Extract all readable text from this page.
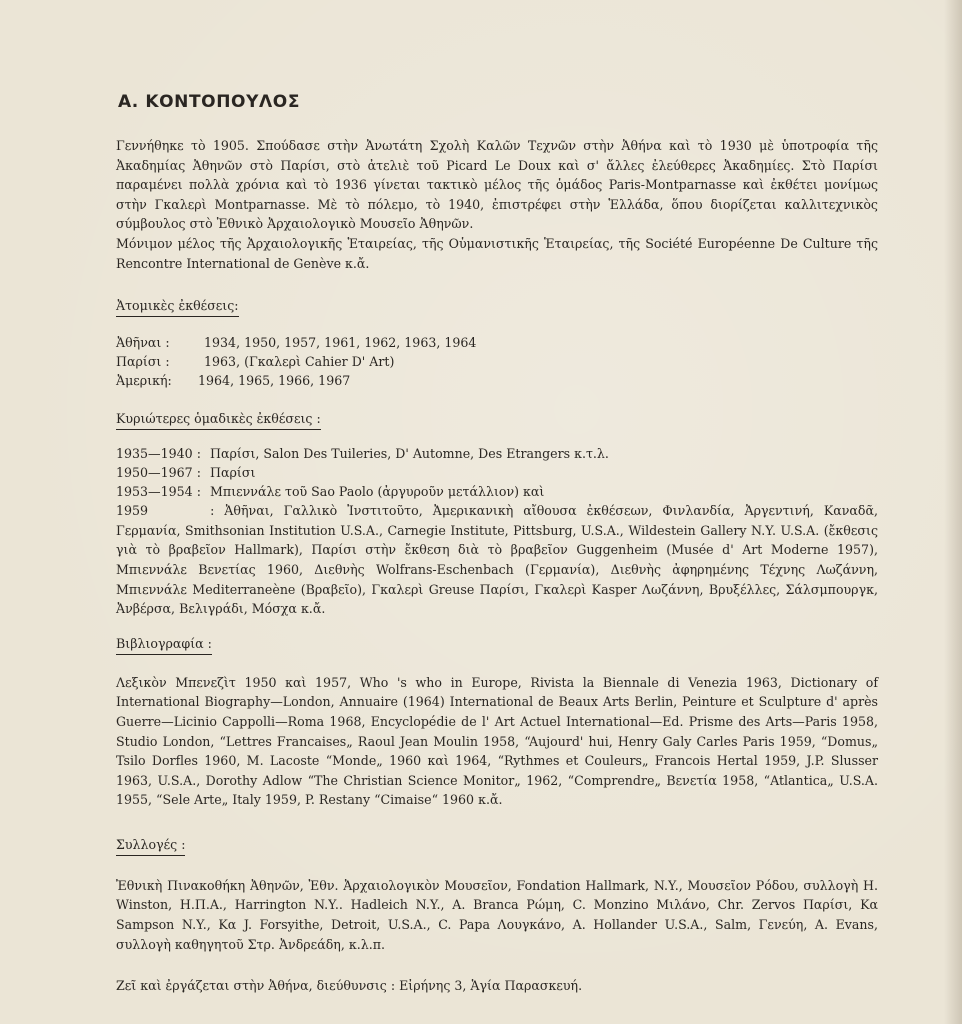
Α. ΚΟΝΤΟΠΟΥΛΟΣ

Γεννήθηκε τὸ 1905. Σπούδασε στὴν Ἀνωτάτη Σχολὴ Καλῶν Τεχνῶν στὴν Ἀθήνα καὶ τὸ 1930 μὲ ὑποτροφία τῆς Ἀκαδημίας Ἀθηνῶν στὸ Παρίσι, στὸ ἀτελιὲ τοῦ Picard Le Doux καὶ σ' ἄλλες ἐλεύθερες Ἀκαδημίες. Στὸ Παρίσι παραμένει πολλὰ χρόνια καὶ τὸ 1936 γίνεται τακτικὸ μέλος τῆς ὁμάδος Paris-Montparnasse καὶ ἐκθέτει μονίμως στὴν Γκαλερὶ Montparnasse. Μὲ τὸ πόλεμο, τὸ 1940, ἐπιστρέφει στὴν Ἑλλάδα, ὅπου διορίζεται καλλιτεχνικὸς σύμβουλος στὸ Ἐθνικὸ Ἀρχαιολογικὸ Μουσεῖο Ἀθηνῶν.

Μόνιμον μέλος τῆς Ἀρχαιολογικῆς Ἑταιρείας, τῆς Οὑμανιστικῆς Ἑταιρείας, τῆς Société Européenne De Culture τῆς Rencontre International de Genève κ.ἄ.

Ἀτομικὲς ἐκθέσεις:

Ἀθῆναι :	1934, 1950, 1957, 1961, 1962, 1963, 1964
Παρίσι :	1963, (Γκαλερὶ Cahier D' Art)
Ἀμερική: 1964, 1965, 1966, 1967

Κυριώτερες ὁμαδικὲς ἐκθέσεις :

1935—1940 : Παρίσι, Salon Des Tuileries, D' Automne, Des Etrangers κ.τ.λ.
1950—1967 : Παρίσι
1953—1954 : Μπιεννάλε τοῦ Sao Paolo (ἀργυροῦν μετάλλιον) καὶ

1959	: Ἀθῆναι, Γαλλικὸ Ἰνστιτοῦτο, Ἀμερικανικὴ αἴθουσα ἐκθέσεων, Φινλανδία, Ἀργεντινή, Καναδᾶ, Γερμανία, Smithsonian Institution U.S.A., Carnegie Institute, Pittsburg, U.S.A., Wildestein Gallery N.Y. U.S.A. (ἔκθεσις γιὰ τὸ βραβεῖον Hallmark), Παρίσι στὴν ἔκθεση διὰ τὸ βραβεῖον Guggenheim (Musée d' Art Moderne 1957), Μπιεννάλε Βενετίας 1960, Διεθνὴς Wolfrans-Eschenbach (Γερμανία), Διεθνὴς ἀφηρημένης Τέχνης Λωζάννη, Μπιεννάλε Mediterraneène (Βραβεῖο), Γκαλερὶ Greuse Παρίσι, Γκαλερὶ Kasper Λωζάννη, Βρυξέλλες, Σάλσμπουργκ, Ἀνβέρσα, Βελιγράδι, Μόσχα κ.ἄ.

Βιβλιογραφία :

Λεξικὸν Μπενεζὶτ 1950 καὶ 1957, Who 's who in Europe, Rivista la Biennale di Venezia 1963, Dictionary of International Biography—London, Annuaire (1964) International de Beaux Arts Berlin, Peinture et Sculpture d' après Guerre—Licinio Cappolli—Roma 1968, Encyclopédie de l' Art Actuel International—Ed. Prisme des Arts—Paris 1958, Studio London, “Lettres Francaises„ Raoul Jean Moulin 1958, “Aujourd' hui, Henry Galy Carles Paris 1959, “Domus„ Tsilo Dorfles 1960, M. Lacoste “Monde„ 1960 καὶ 1964, “Rythmes et Couleurs„ Francois Hertal 1959, J.P. Slusser 1963, U.S.A., Dorothy Adlow “The Christian Science Monitor„ 1962, “Comprendre„ Βενετία 1958, “Atlantica„ U.S.A. 1955, “Sele Arte„ Italy 1959, P. Restany “Cimaise“ 1960 κ.ἄ.

Συλλογές :

Ἐθνικὴ Πινακοθήκη Ἀθηνῶν, Ἐθν. Ἀρχαιολογικὸν Μουσεῖον, Fondation Hallmark, N.Y., Μουσεῖον Ρόδου, συλλογὴ H. Winston, Η.Π.Α., Harrington N.Y.. Hadleich N.Y., A. Branca Ρώμη, C. Monzino Μιλάνο, Chr. Zervos Παρίσι, Κα Sampson N.Y., Κα J. Forsyithe, Detroit, U.S.A., C. Papa Λουγκάνο, A. Hollander U.S.A., Salm, Γενεύη, A. Evans, συλλογὴ καθηγητοῦ Στρ. Ἀνδρεάδη, κ.λ.π.

Ζεῖ καὶ ἐργάζεται στὴν Ἀθήνα, διεύθυνσις : Εἰρήνης 3, Ἁγία Παρασκευή.
